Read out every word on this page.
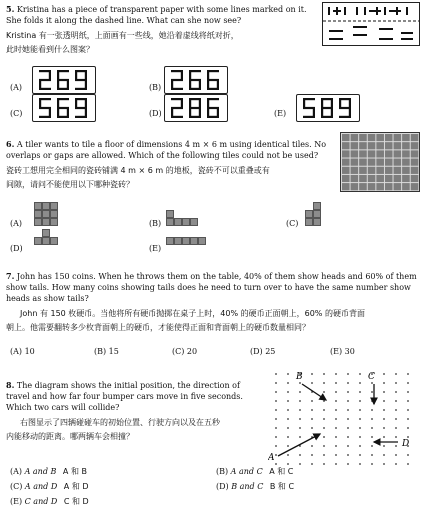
5. Kristina has a piece of transparent paper with some lines marked on it.
She folds it along the dashed line. What can she now see?
Kristina 有一张透明纸，上面画有一些线，她沿着虚线将纸对折，
此时她能看到什么图案？
(A)	(B)
(C)	(D)	(E)
6. A tiler wants to tile a floor of dimensions 4 m × 6 m using identical tiles. No
overlaps or gaps are allowed. Which of the following tiles could not be used?
瓷砖工想用完全相同的瓷砖铺满 4 m × 6 m 的地板，瓷砖不可以重叠或有
间隙，请问不能使用以下哪种瓷砖？
(A)	(B)	(C)
(D)	(E)
7. John has 150 coins. When he throws them on the table, 40% of them show heads and 60% of them
show tails. How many coins showing tails does he need to turn over to have the same number show
heads as show tails?
John 有 150 枚硬币。当他将所有硬币抛掷在桌子上时，40% 的硬币正面朝上，60% 的硬币背面
朝上。他需要翻转多少枚背面朝上的硬币，才能使得正面和背面朝上的硬币数量相同？
(A) 10	(B) 15	(C) 20	(D) 25	(E) 30
8. The diagram shows the initial position, the direction of
travel and how far four bumper cars move in five seconds.
Which two cars will collide?
右图显示了四辆碰碰车的初始位置、行驶方向以及在五秒
内能移动的距离。哪两辆车会相撞？
A
B	C
D
(A) A and B A 和 B	(B) A and C A 和 C
(C) A and D A 和 D	(D) B and C B 和 C
(E) C and D C 和 D
